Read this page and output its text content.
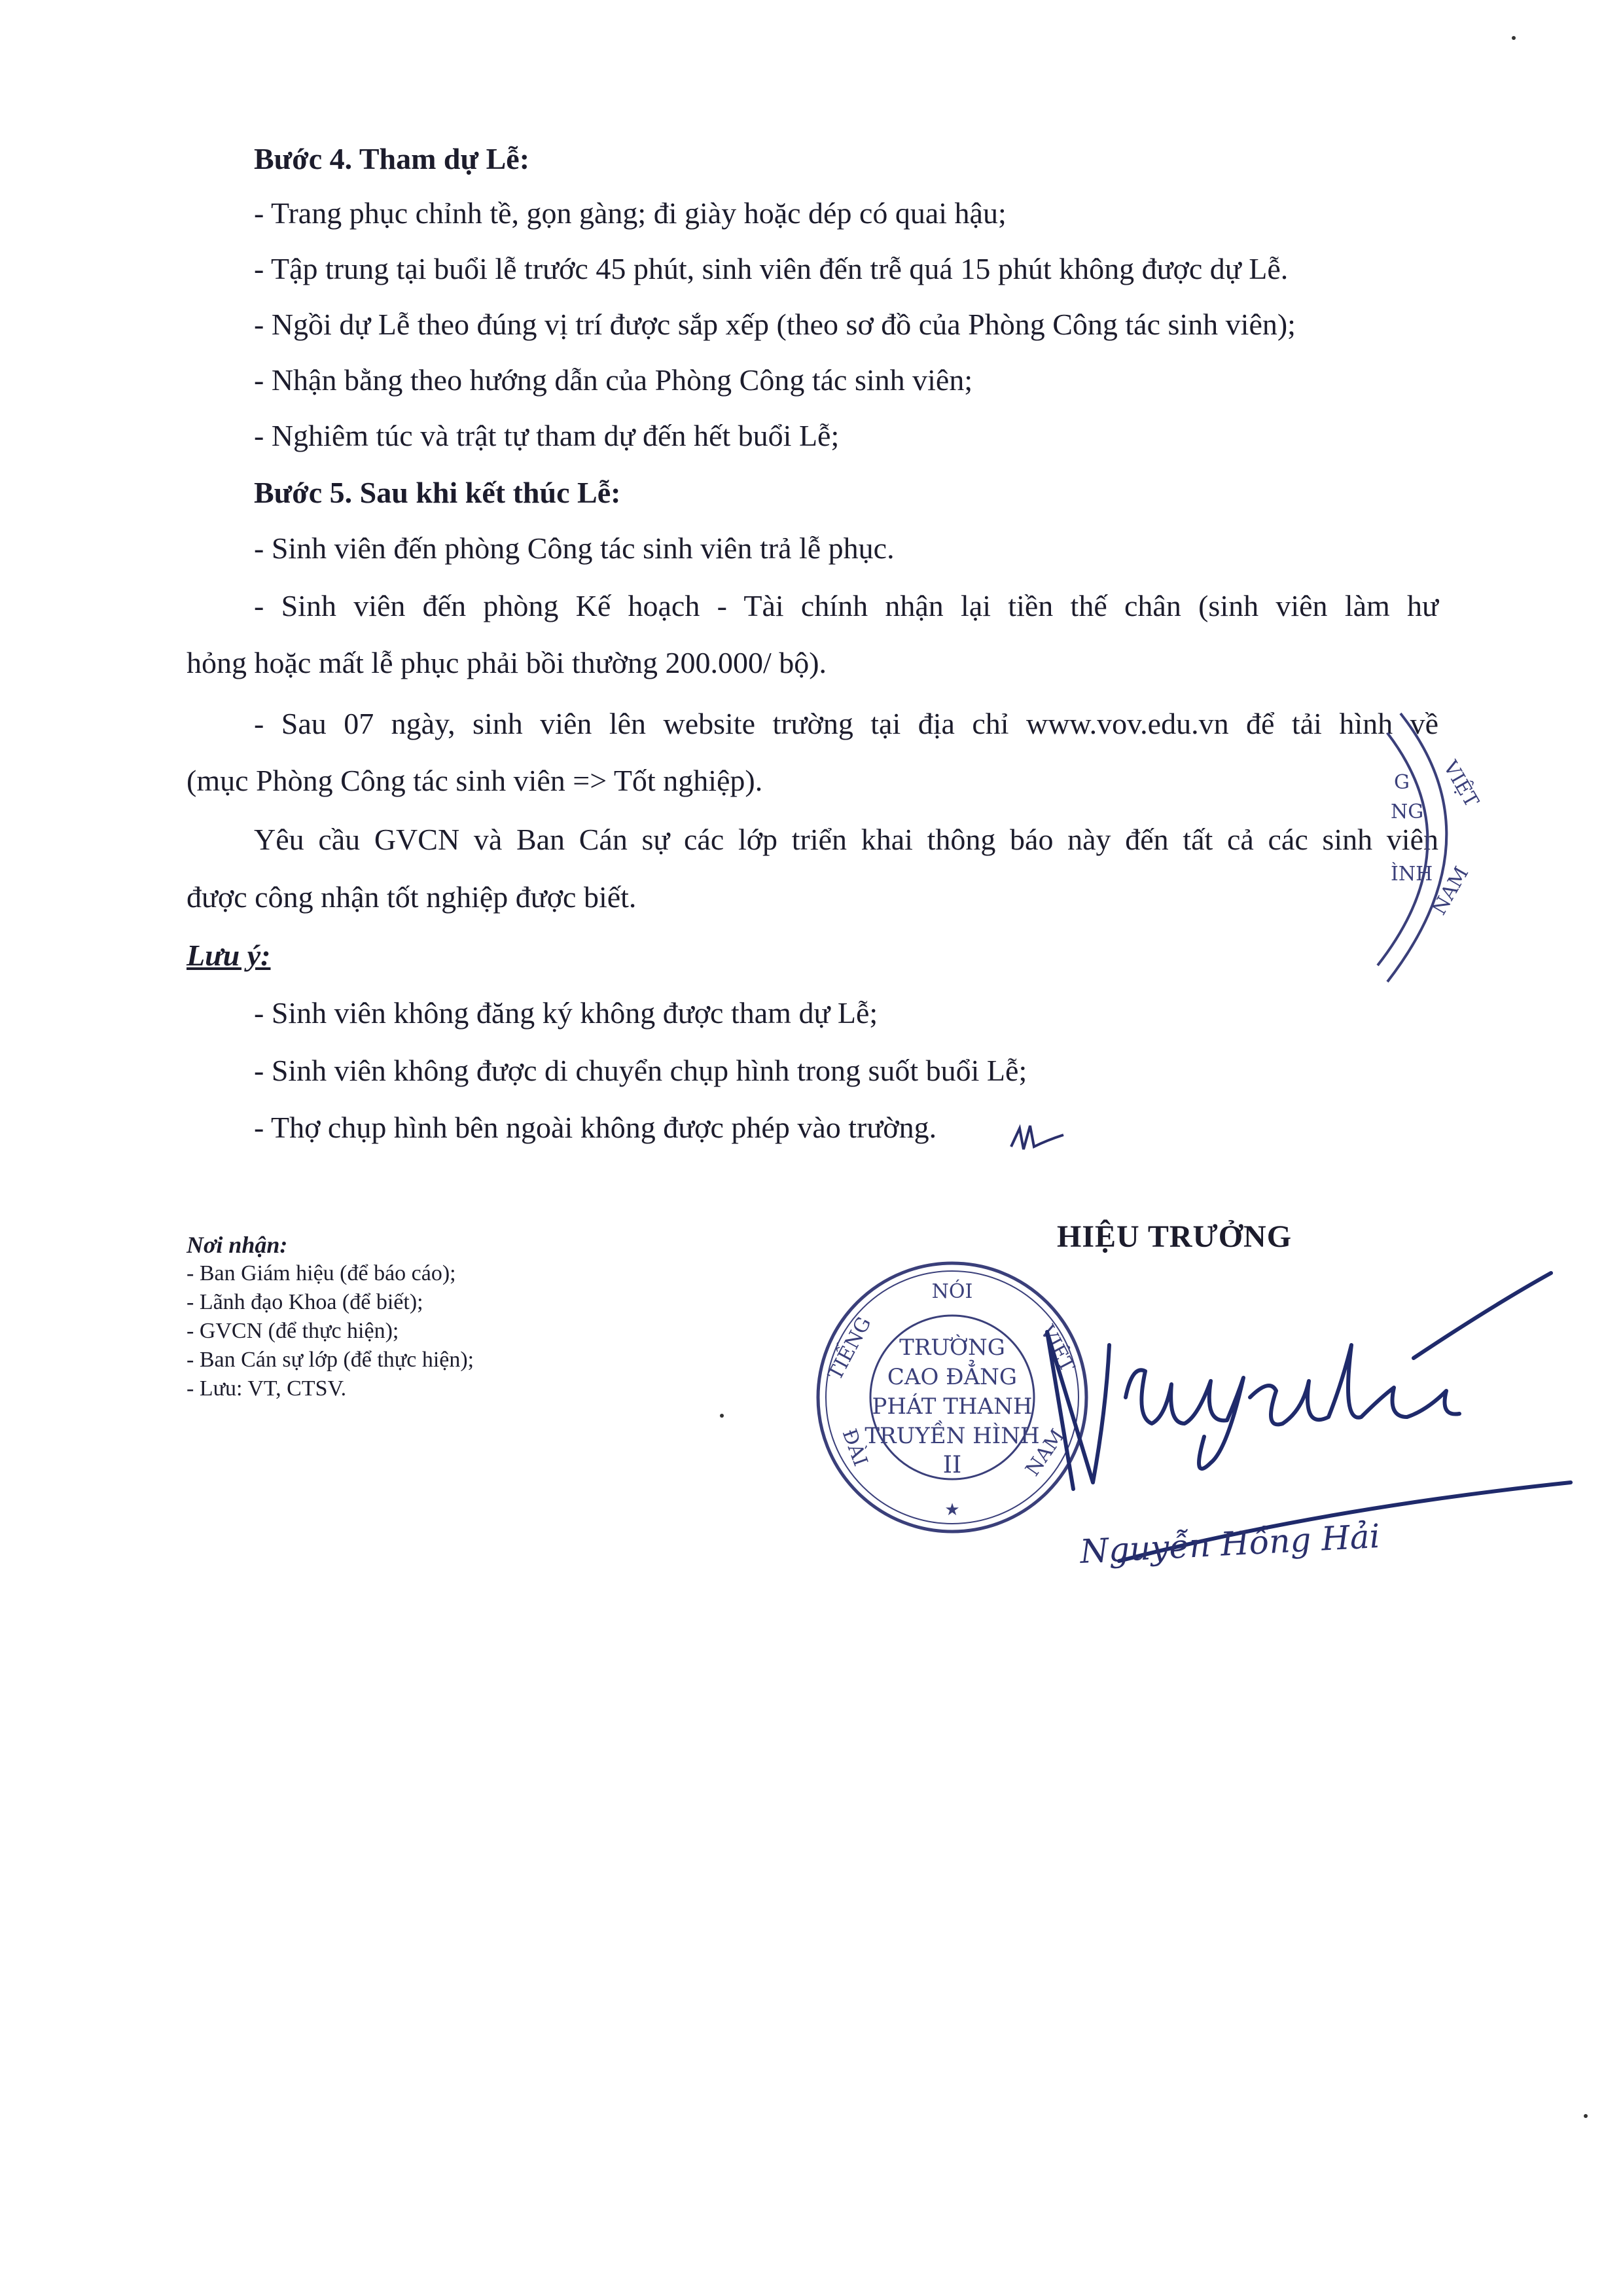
Bước 4. Tham dự Lễ:
- Trang phục chỉnh tề, gọn gàng; đi giày hoặc dép có quai hậu;
- Tập trung tại buổi lễ trước 45 phút, sinh viên đến trễ quá 15 phút không được dự Lễ.
- Ngồi dự Lễ theo đúng vị trí được sắp xếp (theo sơ đồ của Phòng Công tác sinh viên);
- Nhận bằng theo hướng dẫn của Phòng Công tác sinh viên;
- Nghiêm túc và trật tự tham dự đến hết buổi Lễ;
Bước 5. Sau khi kết thúc Lễ:
- Sinh viên đến phòng Công tác sinh viên trả lễ phục.
- Sinh viên đến phòng Kế hoạch - Tài chính nhận lại tiền thế chân (sinh viên làm hư
hỏng hoặc mất lễ phục phải bồi thường 200.000/ bộ).
- Sau 07 ngày, sinh viên lên website trường tại địa chỉ www.vov.edu.vn để tải hình về
(mục Phòng Công tác sinh viên => Tốt nghiệp).
Yêu cầu GVCN và Ban Cán sự các lớp triển khai thông báo này đến tất cả các sinh viên
được công nhận tốt nghiệp được biết.
Lưu ý:
- Sinh viên không đăng ký không được tham dự Lễ;
- Sinh viên không được di chuyển chụp hình trong suốt buổi Lễ;
- Thợ chụp hình bên ngoài không được phép vào trường.
Nơi nhận:
- Ban Giám hiệu (để báo cáo);
- Lãnh đạo Khoa (để biết);
- GVCN (để thực hiện);
- Ban Cán sự lớp (để thực hiện);
- Lưu: VT, CTSV.
HIỆU TRƯỞNG
NÓI
TIẾNG	VIỆT
ĐÀI	NAM
TRƯỜNG
CAO ĐẲNG
PHÁT THANH
TRUYỀN HÌNH
II
★
Nguyễn Hồng Hải
G
NG
ÌNH
VIỆT
NAM
